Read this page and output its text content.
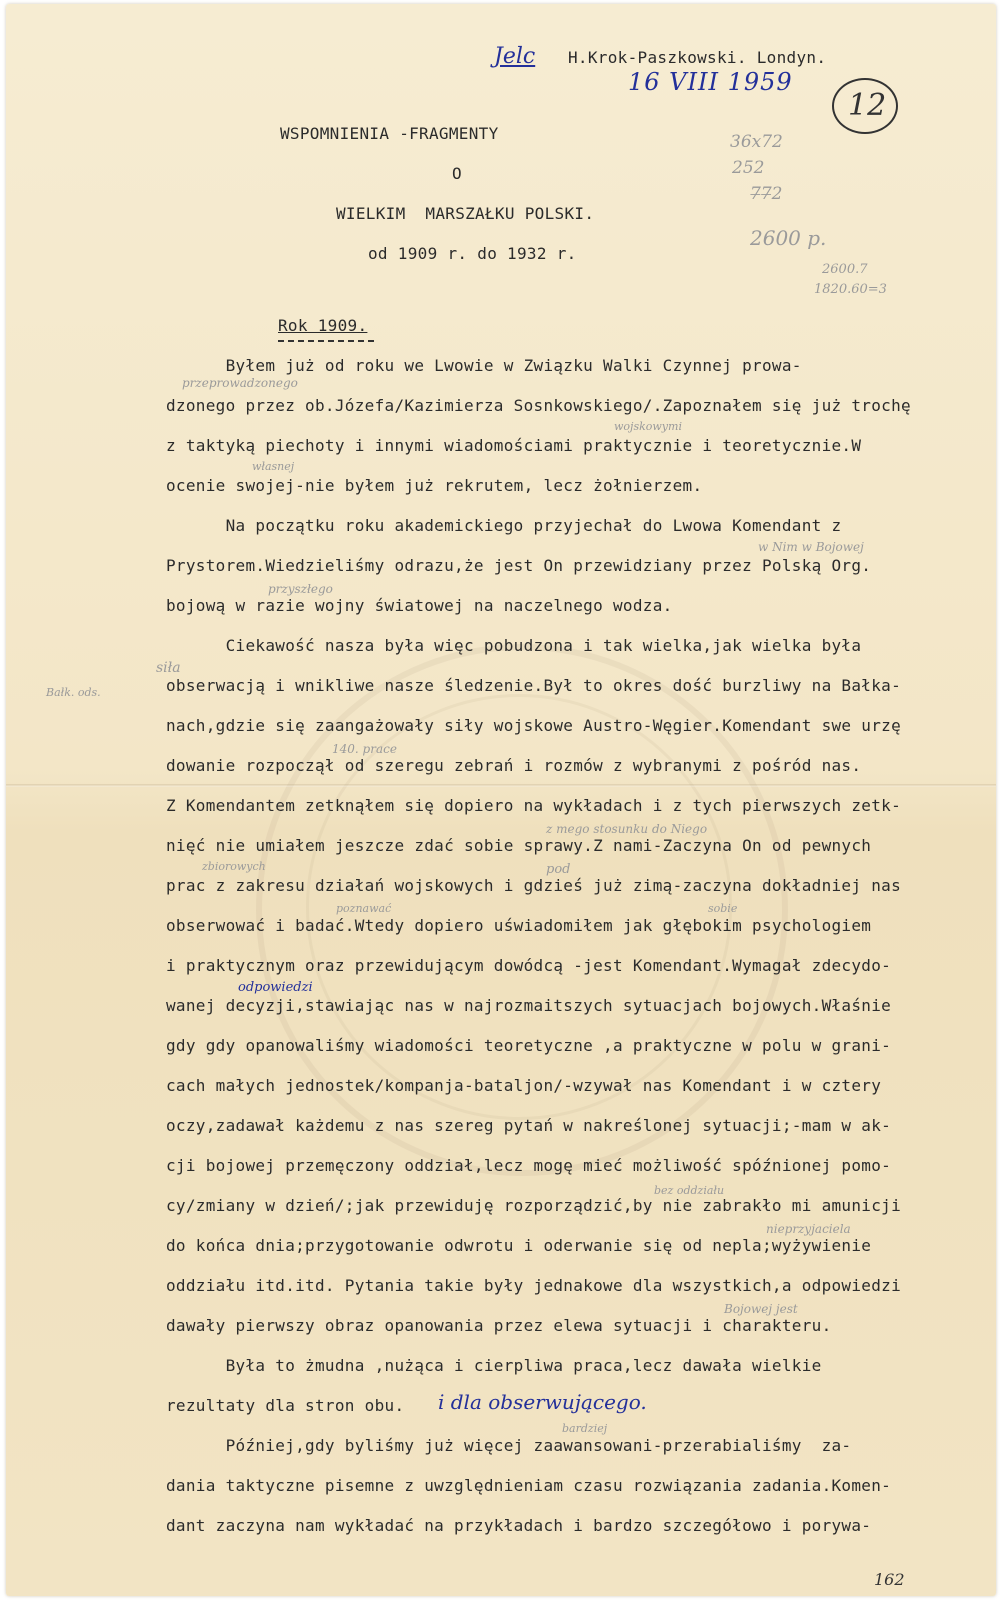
Jelc H.Krok-Paszkowski. Londyn.
16 VIII 1959
12
36x72
252
7̶7̶2
2600 p.
2600.7
1820.60=3
WSPOMNIENIA -FRAGMENTY
O
WIELKIM  MARSZAŁKU POLSKI.
od 1909 r. do 1932 r.
Rok 1909.
Bałk. ods.
Byłem już od roku we Lwowie w Związku Walki Czynnej prowa-
dzonego przez ob.Józefa/Kazimierza Sosnkowskiego/.Zapoznałem się już trochę
z taktyką piechoty i innymi wiadomościami praktycznie i teoretycznie.W
ocenie swojej-nie byłem już rekrutem, lecz żołnierzem.
Na początku roku akademickiego przyjechał do Lwowa Komendant z
Prystorem.Wiedzieliśmy odrazu,że jest On przewidziany przez Polską Org.
bojową w razie wojny światowej na naczelnego wodza.
Ciekawość nasza była więc pobudzona i tak wielka,jak wielka była
obserwacją i wnikliwe nasze śledzenie.Był to okres dość burzliwy na Bałka-
nach,gdzie się zaangażowały siły wojskowe Austro-Węgier.Komendant swe urzę
dowanie rozpoczął od szeregu zebrań i rozmów z wybranymi z pośród nas.
Z Komendantem zetknąłem się dopiero na wykładach i z tych pierwszych zetk-
nięć nie umiałem jeszcze zdać sobie sprawy.Z nami-Zaczyna On od pewnych
prac z zakresu działań wojskowych i gdzieś już zimą-zaczyna dokładniej nas
obserwować i badać.Wtedy dopiero uświadomiłem jak głębokim psychologiem
i praktycznym oraz przewidującym dowódcą -jest Komendant.Wymagał zdecydo-
wanej decyzji,stawiając nas w najrozmaitszych sytuacjach bojowych.Właśnie
gdy gdy opanowaliśmy wiadomości teoretyczne ,a praktyczne w polu w grani-
cach małych jednostek/kompanja-bataljon/-wzywał nas Komendant i w cztery
oczy,zadawał każdemu z nas szereg pytań w nakreślonej sytuacji;-mam w ak-
cji bojowej przemęczony oddział,lecz mogę mieć możliwość spóźnionej pomo-
cy/zmiany w dzień/;jak przewiduję rozporządzić,by nie zabrakło mi amunicji
do końca dnia;przygotowanie odwrotu i oderwanie się od nepla;wyżywienie
oddziału itd.itd. Pytania takie były jednakowe dla wszystkich,a odpowiedzi
dawały pierwszy obraz opanowania przez elewa sytuacji i charakteru.
Była to żmudna ,nużąca i cierpliwa praca,lecz dawała wielkie
rezultaty dla stron obu.
Później,gdy byliśmy już więcej zaawansowani-przerabialiśmy  za-
dania taktyczne pisemne z uwzględnieniam czasu rozwiązania zadania.Komen-
dant zaczyna nam wykładać na przykładach i bardzo szczegółowo i porywa-
i dla obserwującego.
przeprowadzonego
wojskowymi
własnej
w Nim w Bojowej
przyszłego
siła
140. prace
z mego stosunku do Niego
zbiorowych	pod
poznawać	sobie
odpowiedzi
bez oddziału
nieprzyjaciela
Bojowej jest
bardziej
162
